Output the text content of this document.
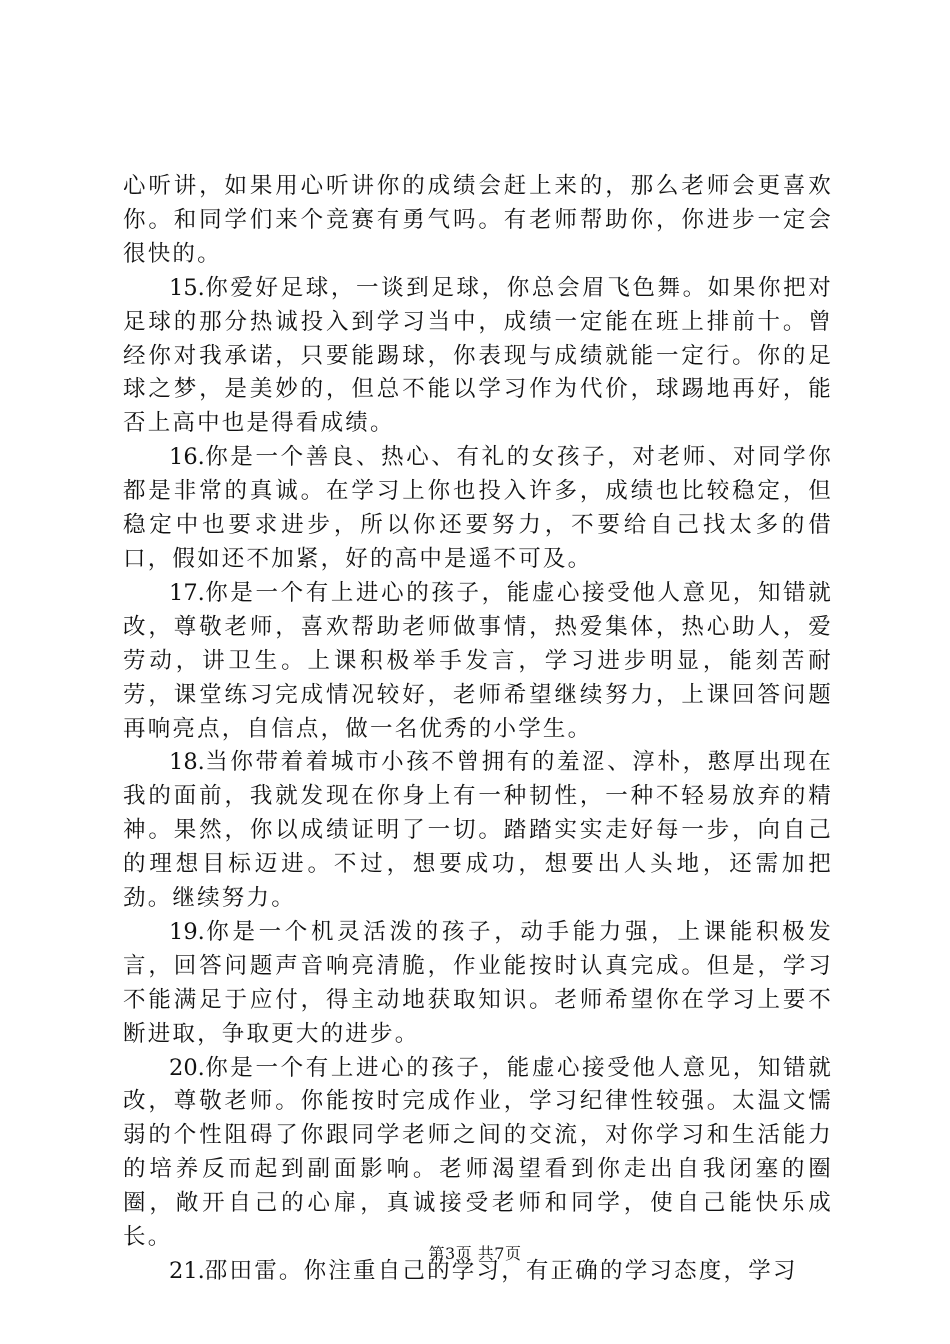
心听讲，如果用心听讲你的成绩会赶上来的，那么老师会更喜欢你。和同学们来个竞赛有勇气吗。有老师帮助你，你进步一定会很快的。

15.你爱好足球，一谈到足球，你总会眉飞色舞。如果你把对足球的那分热诚投入到学习当中，成绩一定能在班上排前十。曾经你对我承诺，只要能踢球，你表现与成绩就能一定行。你的足球之梦，是美妙的，但总不能以学习作为代价，球踢地再好，能否上高中也是得看成绩。

16.你是一个善良、热心、有礼的女孩子，对老师、对同学你都是非常的真诚。在学习上你也投入许多，成绩也比较稳定，但稳定中也要求进步，所以你还要努力，不要给自己找太多的借口，假如还不加紧，好的高中是遥不可及。

17.你是一个有上进心的孩子，能虚心接受他人意见，知错就改，尊敬老师，喜欢帮助老师做事情，热爱集体，热心助人，爱劳动，讲卫生。上课积极举手发言，学习进步明显，能刻苦耐劳，课堂练习完成情况较好，老师希望继续努力，上课回答问题再响亮点，自信点，做一名优秀的小学生。

18.当你带着着城市小孩不曾拥有的羞涩、淳朴，憨厚出现在我的面前，我就发现在你身上有一种韧性，一种不轻易放弃的精神。果然，你以成绩证明了一切。踏踏实实走好每一步，向自己的理想目标迈进。不过，想要成功，想要出人头地，还需加把劲。继续努力。

19.你是一个机灵活泼的孩子，动手能力强，上课能积极发言，回答问题声音响亮清脆，作业能按时认真完成。但是，学习不能满足于应付，得主动地获取知识。老师希望你在学习上要不断进取，争取更大的进步。

20.你是一个有上进心的孩子，能虚心接受他人意见，知错就改，尊敬老师。你能按时完成作业，学习纪律性较强。太温文懦弱的个性阻碍了你跟同学老师之间的交流，对你学习和生活能力的培养反而起到副面影响。老师渴望看到你走出自我闭塞的圈圈，敞开自己的心扉，真诚接受老师和同学，使自己能快乐成长。

21.邵田雷。你注重自己的学习，有正确的学习态度，学习

第3页 共7页
